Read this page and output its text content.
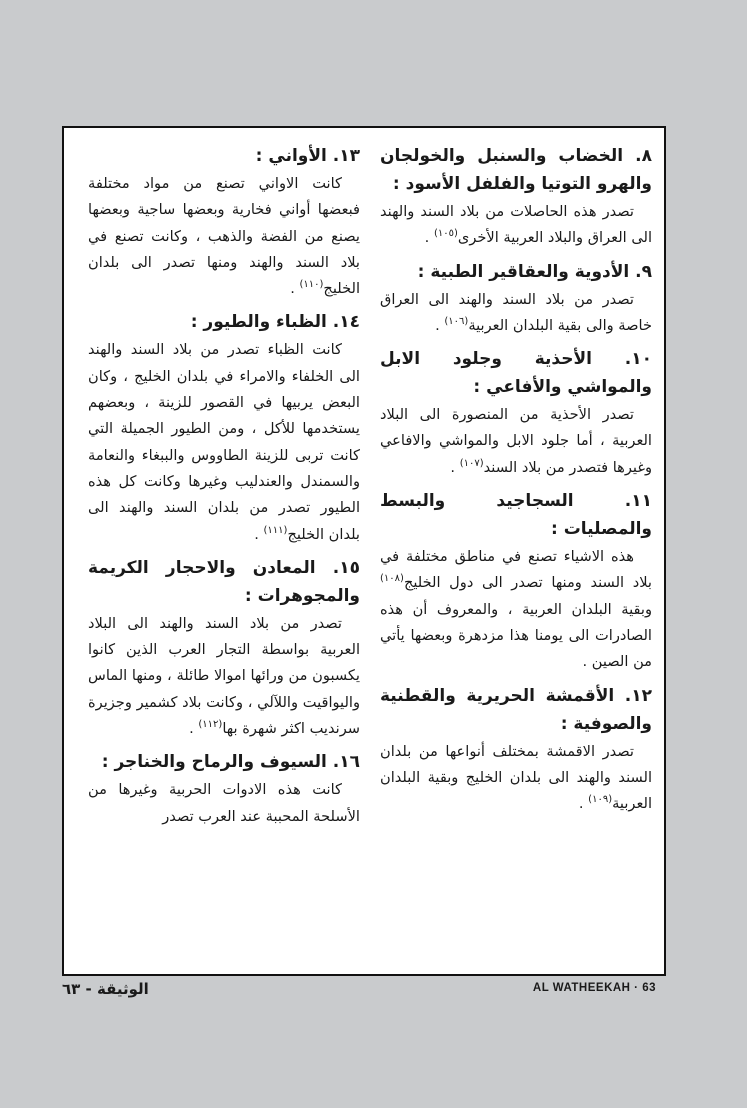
٨. الخضاب والسنبل والخولجان والهرو التوتيا والفلفل الأسود :

تصدر هذه الحاصلات من بلاد السند والهند الى العراق والبلاد العربية الأخرى$^{(١٠٥)}$ .

٩. الأدوية والعقاقير الطبية :

تصدر من بلاد السند والهند الى العراق خاصة والى بقية البلدان العربية$^{(١٠٦)}$ .

١٠. الأحذية وجلود الابل والمواشي والأفاعي :

تصدر الأحذية من المنصورة الى البلاد العربية ، أما جلود الابل والمواشي والافاعي وغيرها فتصدر من بلاد السند$^{(١٠٧)}$ .

١١. السجاجيد والبسط والمصليات :

هذه الاشياء تصنع في مناطق مختلفة في بلاد السند ومنها تصدر الى دول الخليج$^{(١٠٨)}$ وبقية البلدان العربية ، والمعروف أن هذه الصادرات الى يومنا هذا مزدهرة وبعضها يأتي من الصين .

١٢. الأقمشة الحريرية والقطنية والصوفية :

تصدر الاقمشة بمختلف أنواعها من بلدان السند والهند الى بلدان الخليج وبقية البلدان العربية$^{(١٠٩)}$ .

١٣. الأواني :

كانت الاواني تصنع من مواد مختلفة فبعضها أواني فخارية وبعضها ساجية وبعضها يصنع من الفضة والذهب ، وكانت تصنع في بلاد السند والهند ومنها تصدر الى بلدان الخليج$^{(١١٠)}$ .

١٤. الظباء والطيور :

كانت الظباء تصدر من بلاد السند والهند الى الخلفاء والامراء في بلدان الخليج ، وكان البعض يربيها في القصور للزينة ، وبعضهم يستخدمها للأكل ، ومن الطيور الجميلة التي كانت تربى للزينة الطاووس والببغاء والنعامة والسمندل والعندليب وغيرها وكانت كل هذه الطيور تصدر من بلدان السند والهند الى بلدان الخليج$^{(١١١)}$ .

١٥. المعادن والاحجار الكريمة والمجوهرات :

تصدر من بلاد السند والهند الى البلاد العربية بواسطة التجار العرب الذين كانوا يكسبون من ورائها اموالا طائلة ، ومنها الماس واليواقيت واللآلي ، وكانت بلاد كشمير وجزيرة سرنديب اكثر شهرة بها$^{(١١٢)}$ .

١٦. السيوف والرماح والخناجر :

كانت هذه الادوات الحربية وغيرها من الأسلحة المحببة عند العرب تصدر

الوثيقة - ٦٣	AL WATHEEKAH · 63
